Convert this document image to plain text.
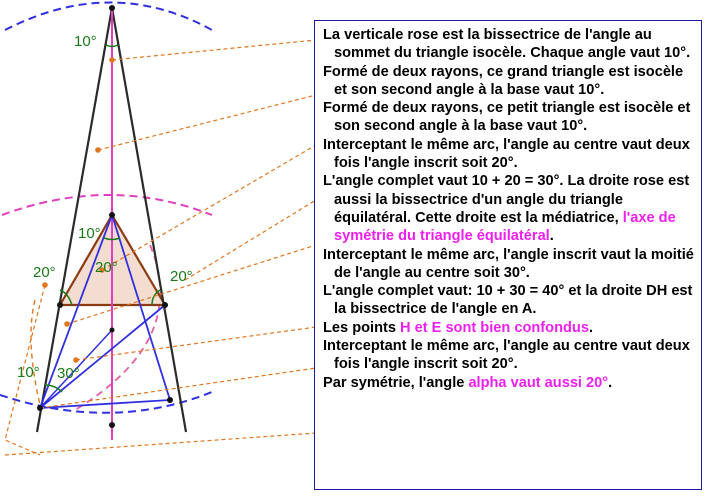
10°
10°
20°
20°	20°
10° 30°

La verticale rose est la bissectrice de l'angle au sommet du triangle isocèle. Chaque angle vaut 10°.

Formé de deux rayons, ce grand triangle est isocèle et son second angle à la base vaut 10°.

Formé de deux rayons, ce petit triangle est isocèle et son second angle à la base vaut 10°.

Interceptant le même arc, l'angle au centre vaut deux fois l'angle inscrit soit 20°.

L'angle complet vaut 10 + 20 = 30°. La droite rose est aussi la bissectrice d'un angle du triangle équilatéral. Cette droite est la médiatrice, l'axe de symétrie du triangle équilatéral.

Interceptant le même arc, l'angle inscrit vaut la moitié de l'angle au centre soit 30°.

L'angle complet vaut: 10 + 30 = 40° et la droite DH est la bissectrice de l'angle en A.

Les points H et E sont bien confondus.

Interceptant le même arc, l'angle au centre vaut deux fois l'angle inscrit soit 20°.

Par symétrie, l'angle alpha vaut aussi 20°.
